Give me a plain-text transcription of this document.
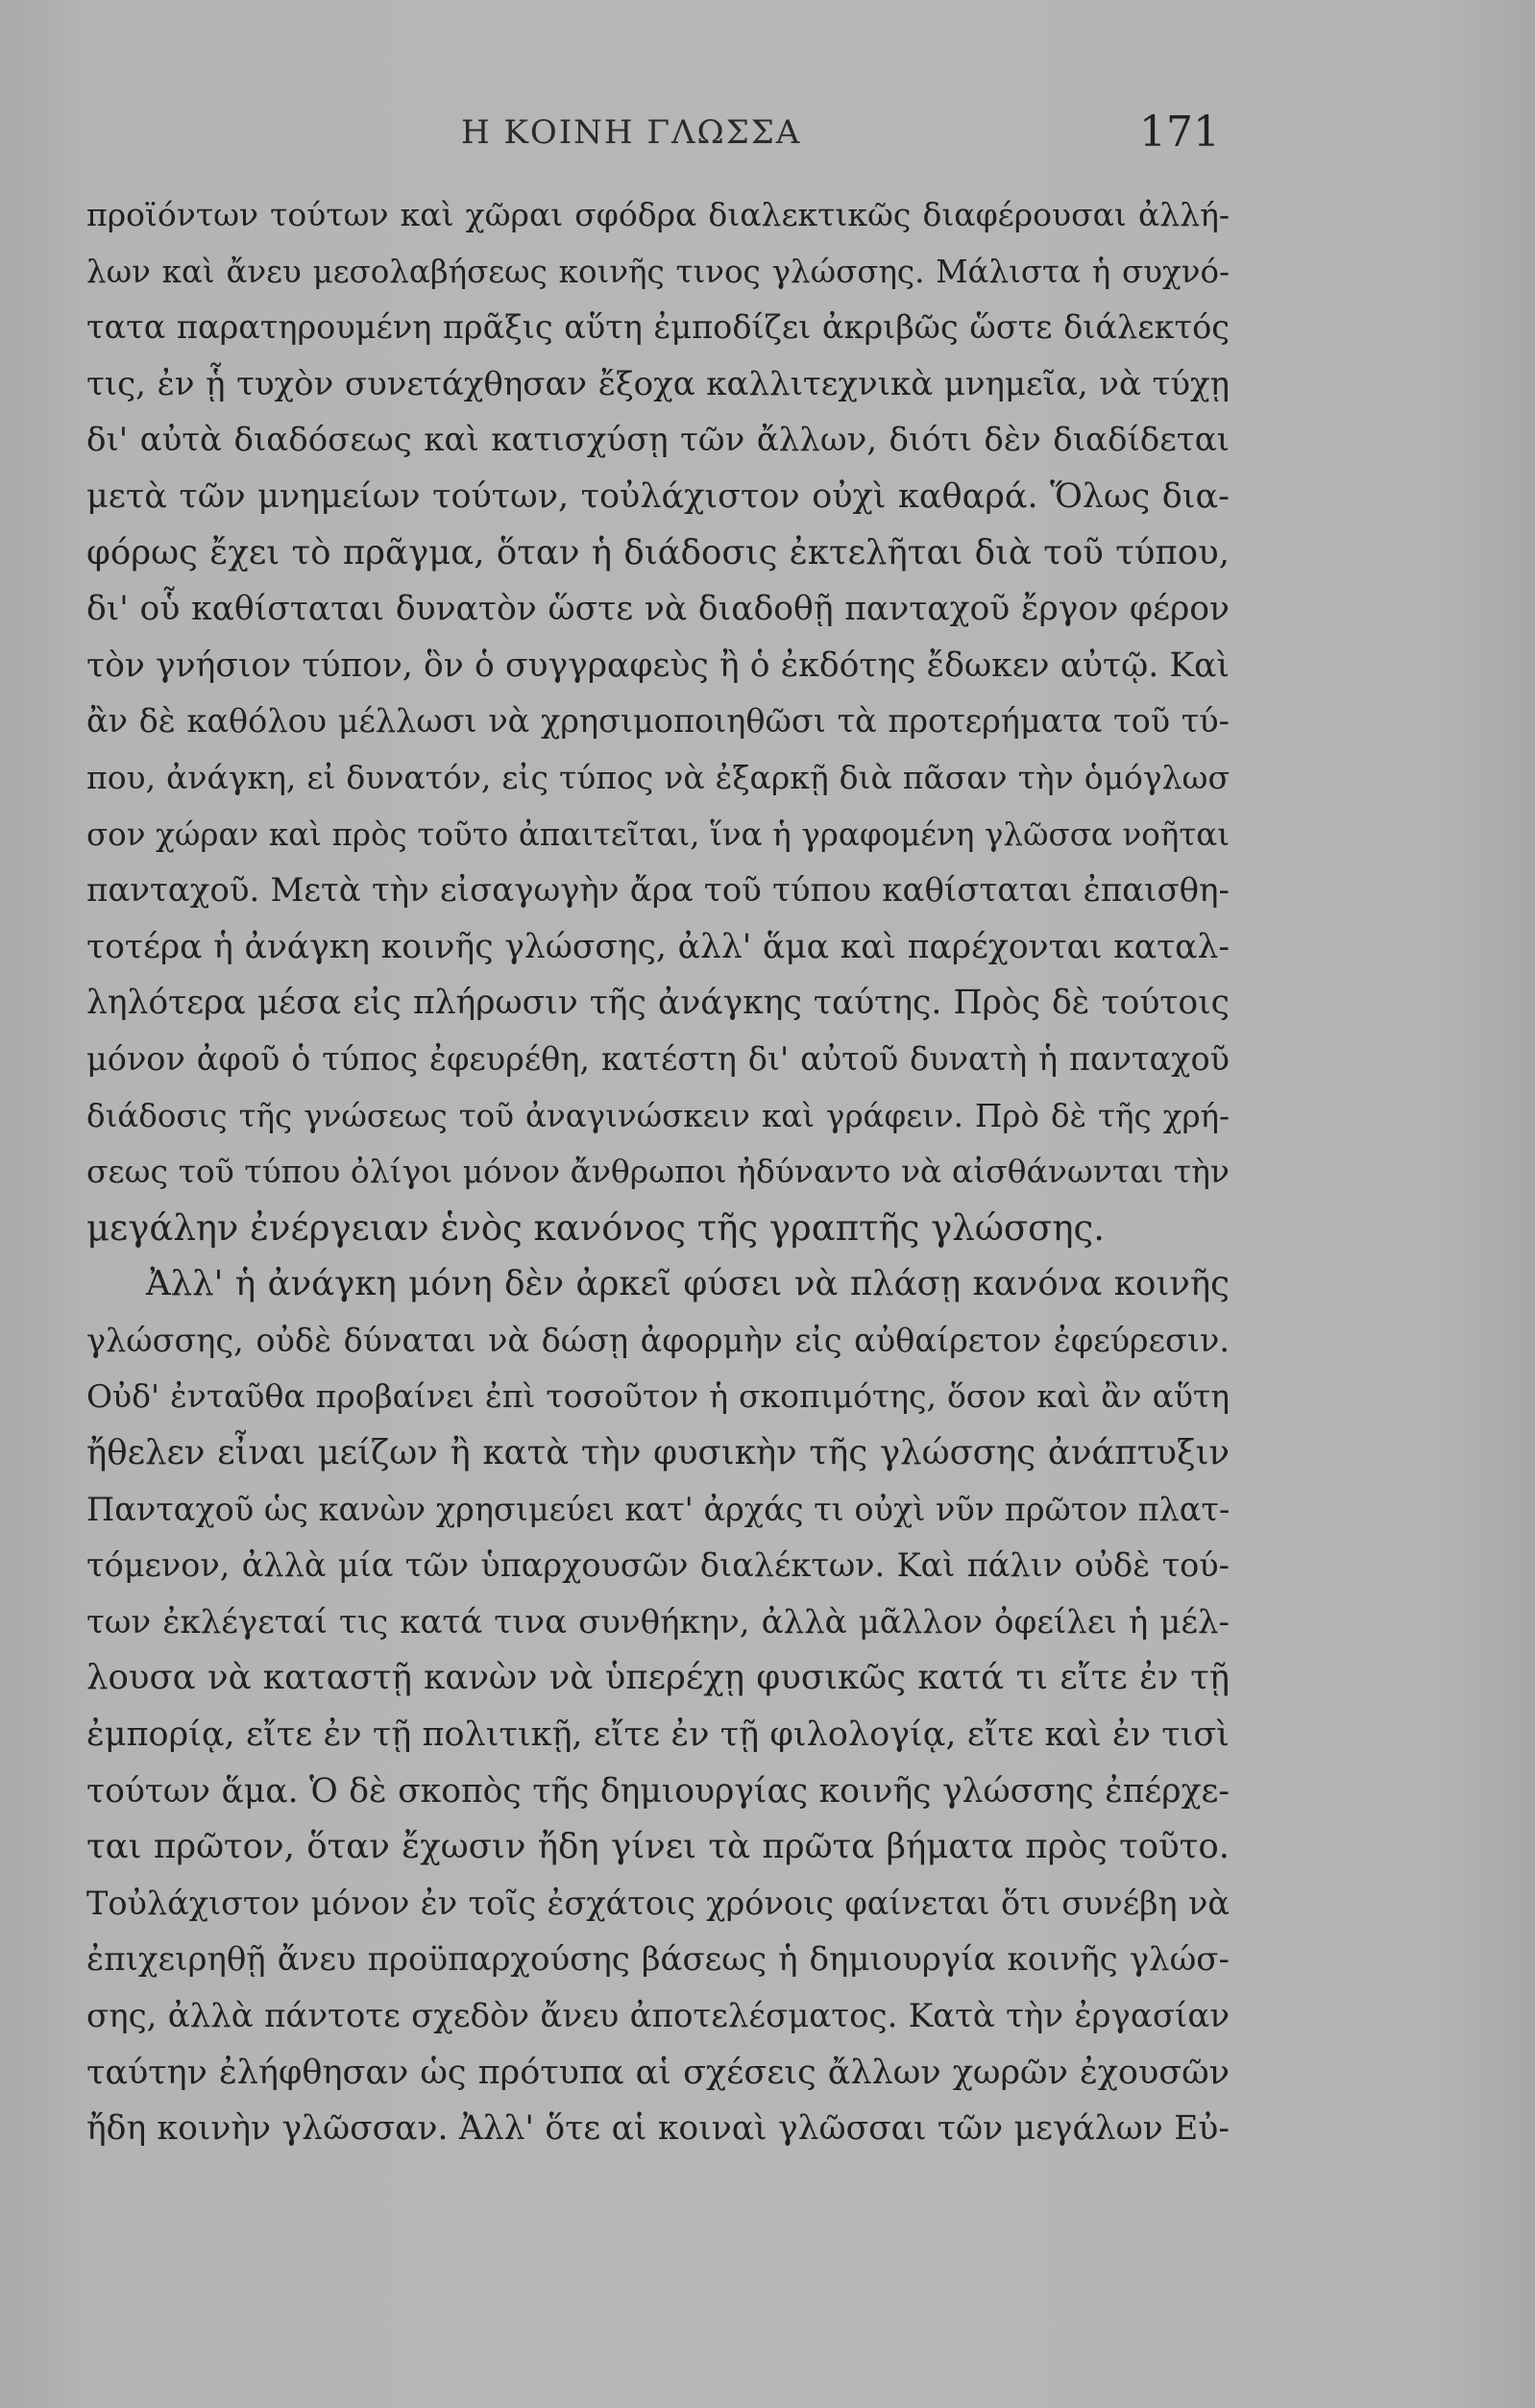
Η ΚΟΙΝΗ ΓΛΩΣΣΑ	171
προϊόντων τούτων καὶ χῶραι σφόδρα διαλεκτικῶς διαφέρουσαι ἀλλή-
λων καὶ ἄνευ μεσολαβήσεως κοινῆς τινος γλώσσης. Μάλιστα ἡ συχνό-
τατα παρατηρουμένη πρᾶξις αὕτη ἐμποδίζει ἀκριβῶς ὥστε διάλεκτός
τις, ἐν ᾗ τυχὸν συνετάχθησαν ἔξοχα καλλιτεχνικὰ μνημεῖα, νὰ τύχῃ
δι' αὐτὰ διαδόσεως καὶ κατισχύσῃ τῶν ἄλλων, διότι δὲν διαδίδεται
μετὰ τῶν μνημείων τούτων, τοὐλάχιστον οὐχὶ καθαρά. Ὅλως δια-
φόρως ἔχει τὸ πρᾶγμα, ὅταν ἡ διάδοσις ἐκτελῆται διὰ τοῦ τύπου,
δι' οὗ καθίσταται δυνατὸν ὥστε νὰ διαδοθῇ πανταχοῦ ἔργον φέρον
τὸν γνήσιον τύπον, ὃν ὁ συγγραφεὺς ἢ ὁ ἐκδότης ἔδωκεν αὐτῷ. Καὶ
ἂν δὲ καθόλου μέλλωσι νὰ χρησιμοποιηθῶσι τὰ προτερήματα τοῦ τύ-
που, ἀνάγκη, εἰ δυνατόν, εἰς τύπος νὰ ἐξαρκῇ διὰ πᾶσαν τὴν ὁμόγλωσ
σον χώραν καὶ πρὸς τοῦτο ἀπαιτεῖται, ἵνα ἡ γραφομένη γλῶσσα νοῆται
πανταχοῦ. Μετὰ τὴν εἰσαγωγὴν ἄρα τοῦ τύπου καθίσταται ἐπαισθη-
τοτέρα ἡ ἀνάγκη κοινῆς γλώσσης, ἀλλ' ἅμα καὶ παρέχονται καταλ-
ληλότερα μέσα εἰς πλήρωσιν τῆς ἀνάγκης ταύτης. Πρὸς δὲ τούτοις
μόνον ἀφοῦ ὁ τύπος ἐφευρέθη, κατέστη δι' αὐτοῦ δυνατὴ ἡ πανταχοῦ
διάδοσις τῆς γνώσεως τοῦ ἀναγινώσκειν καὶ γράφειν. Πρὸ δὲ τῆς χρή-
σεως τοῦ τύπου ὀλίγοι μόνον ἄνθρωποι ἠδύναντο νὰ αἰσθάνωνται τὴν
μεγάλην ἐνέργειαν ἑνὸς κανόνος τῆς γραπτῆς γλώσσης.
Ἀλλ' ἡ ἀνάγκη μόνη δὲν ἀρκεῖ φύσει νὰ πλάσῃ κανόνα κοινῆς
γλώσσης, οὐδὲ δύναται νὰ δώσῃ ἀφορμὴν εἰς αὐθαίρετον ἐφεύρεσιν.
Οὐδ' ἐνταῦθα προβαίνει ἐπὶ τοσοῦτον ἡ σκοπιμότης, ὅσον καὶ ἂν αὕτη
ἤθελεν εἶναι μείζων ἢ κατὰ τὴν φυσικὴν τῆς γλώσσης ἀνάπτυξιν
Πανταχοῦ ὡς κανὼν χρησιμεύει κατ' ἀρχάς τι οὐχὶ νῦν πρῶτον πλατ-
τόμενον, ἀλλὰ μία τῶν ὑπαρχουσῶν διαλέκτων. Καὶ πάλιν οὐδὲ τού-
των ἐκλέγεταί τις κατά τινα συνθήκην, ἀλλὰ μᾶλλον ὀφείλει ἡ μέλ-
λουσα νὰ καταστῇ κανὼν νὰ ὑπερέχῃ φυσικῶς κατά τι εἴτε ἐν τῇ
ἐμπορίᾳ, εἴτε ἐν τῇ πολιτικῇ, εἴτε ἐν τῇ φιλολογίᾳ, εἴτε καὶ ἐν τισὶ
τούτων ἅμα. Ὁ δὲ σκοπὸς τῆς δημιουργίας κοινῆς γλώσσης ἐπέρχε-
ται πρῶτον, ὅταν ἔχωσιν ἤδη γίνει τὰ πρῶτα βήματα πρὸς τοῦτο.
Τοὐλάχιστον μόνον ἐν τοῖς ἐσχάτοις χρόνοις φαίνεται ὅτι συνέβη νὰ
ἐπιχειρηθῇ ἄνευ προϋπαρχούσης βάσεως ἡ δημιουργία κοινῆς γλώσ-
σης, ἀλλὰ πάντοτε σχεδὸν ἄνευ ἀποτελέσματος. Κατὰ τὴν ἐργασίαν
ταύτην ἐλήφθησαν ὡς πρότυπα αἱ σχέσεις ἄλλων χωρῶν ἐχουσῶν
ἤδη κοινὴν γλῶσσαν. Ἀλλ' ὅτε αἱ κοιναὶ γλῶσσαι τῶν μεγάλων Εὐ-
